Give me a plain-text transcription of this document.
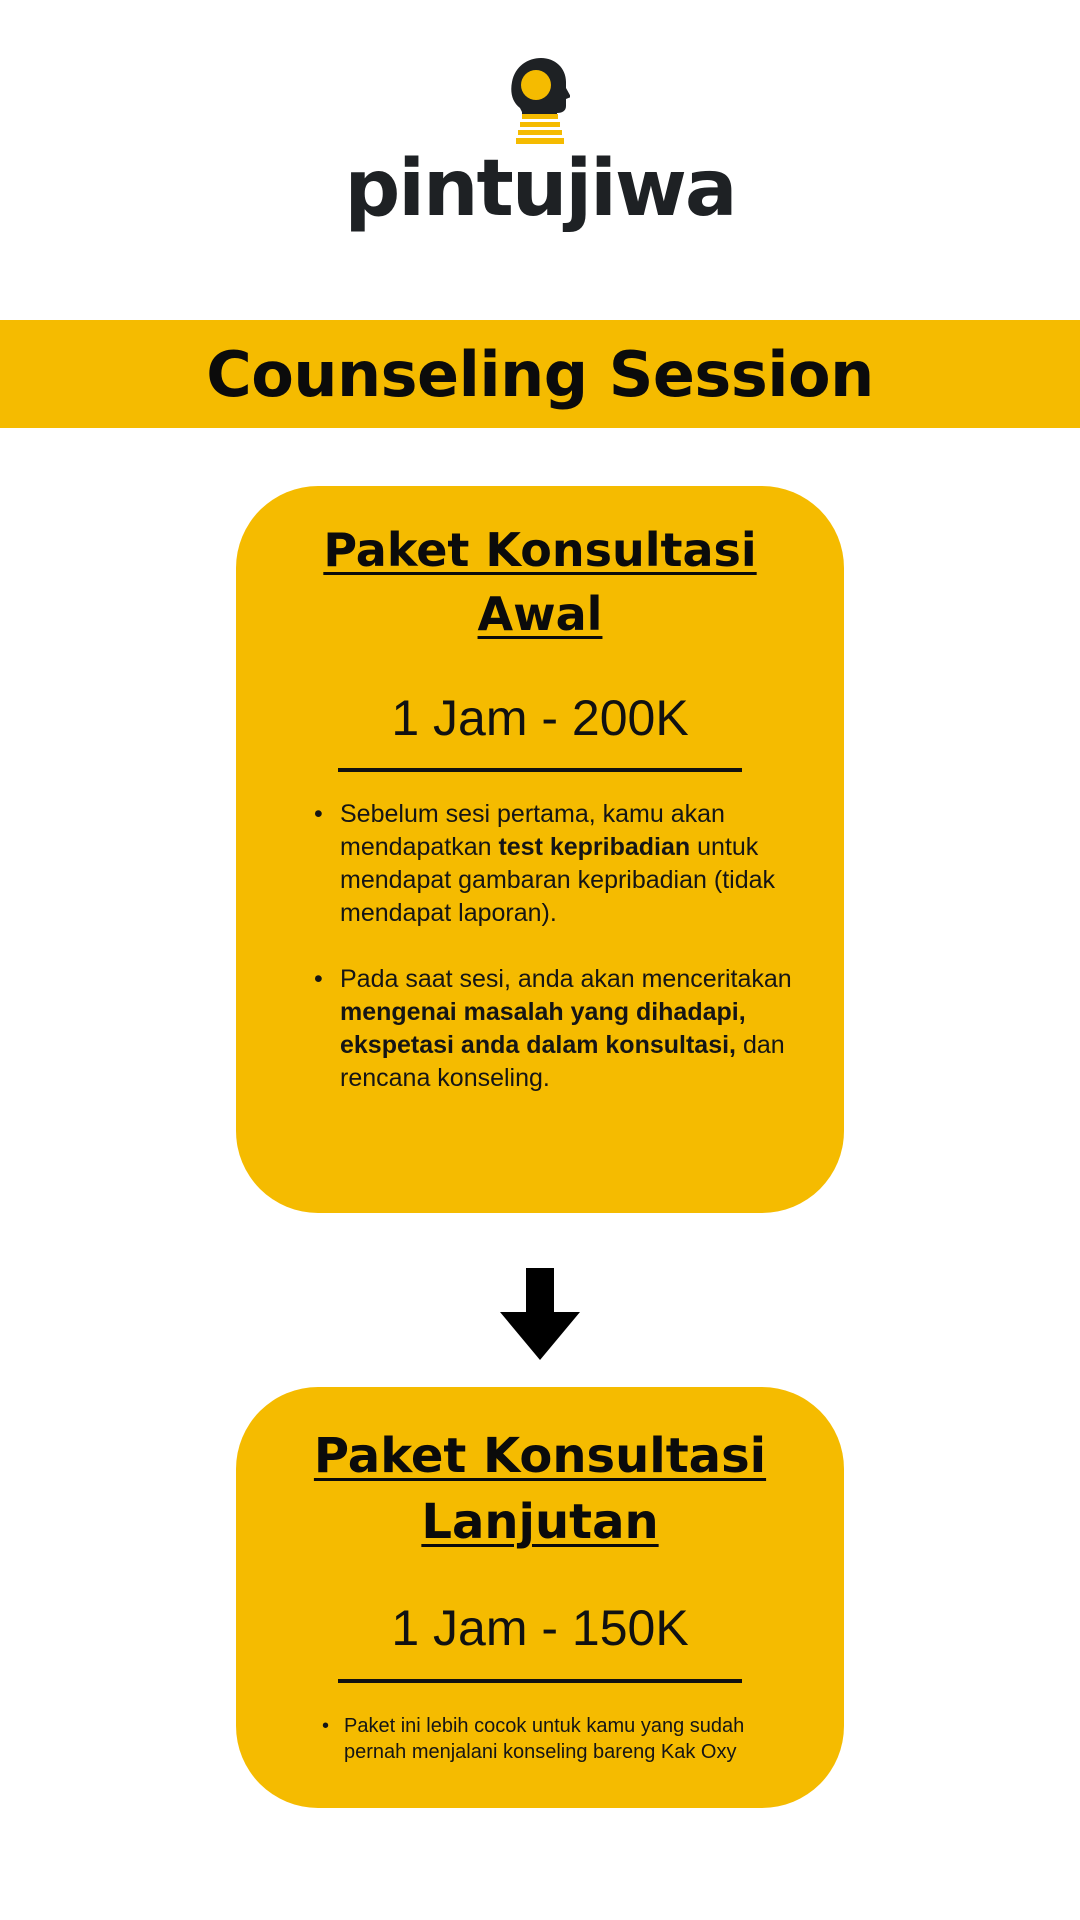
pintujiwa
Counseling Session
Paket Konsultasi
Awal
1 Jam - 200K
• Sebelum sesi pertama, kamu akan mendapatkan test kepribadian untuk mendapat gambaran kepribadian (tidak mendapat laporan).
• Pada saat sesi, anda akan menceritakan mengenai masalah yang dihadapi, ekspetasi anda dalam konsultasi, dan rencana konseling.
Paket Konsultasi
Lanjutan
1 Jam - 150K
• Paket ini lebih cocok untuk kamu yang sudah pernah menjalani konseling bareng Kak Oxy
